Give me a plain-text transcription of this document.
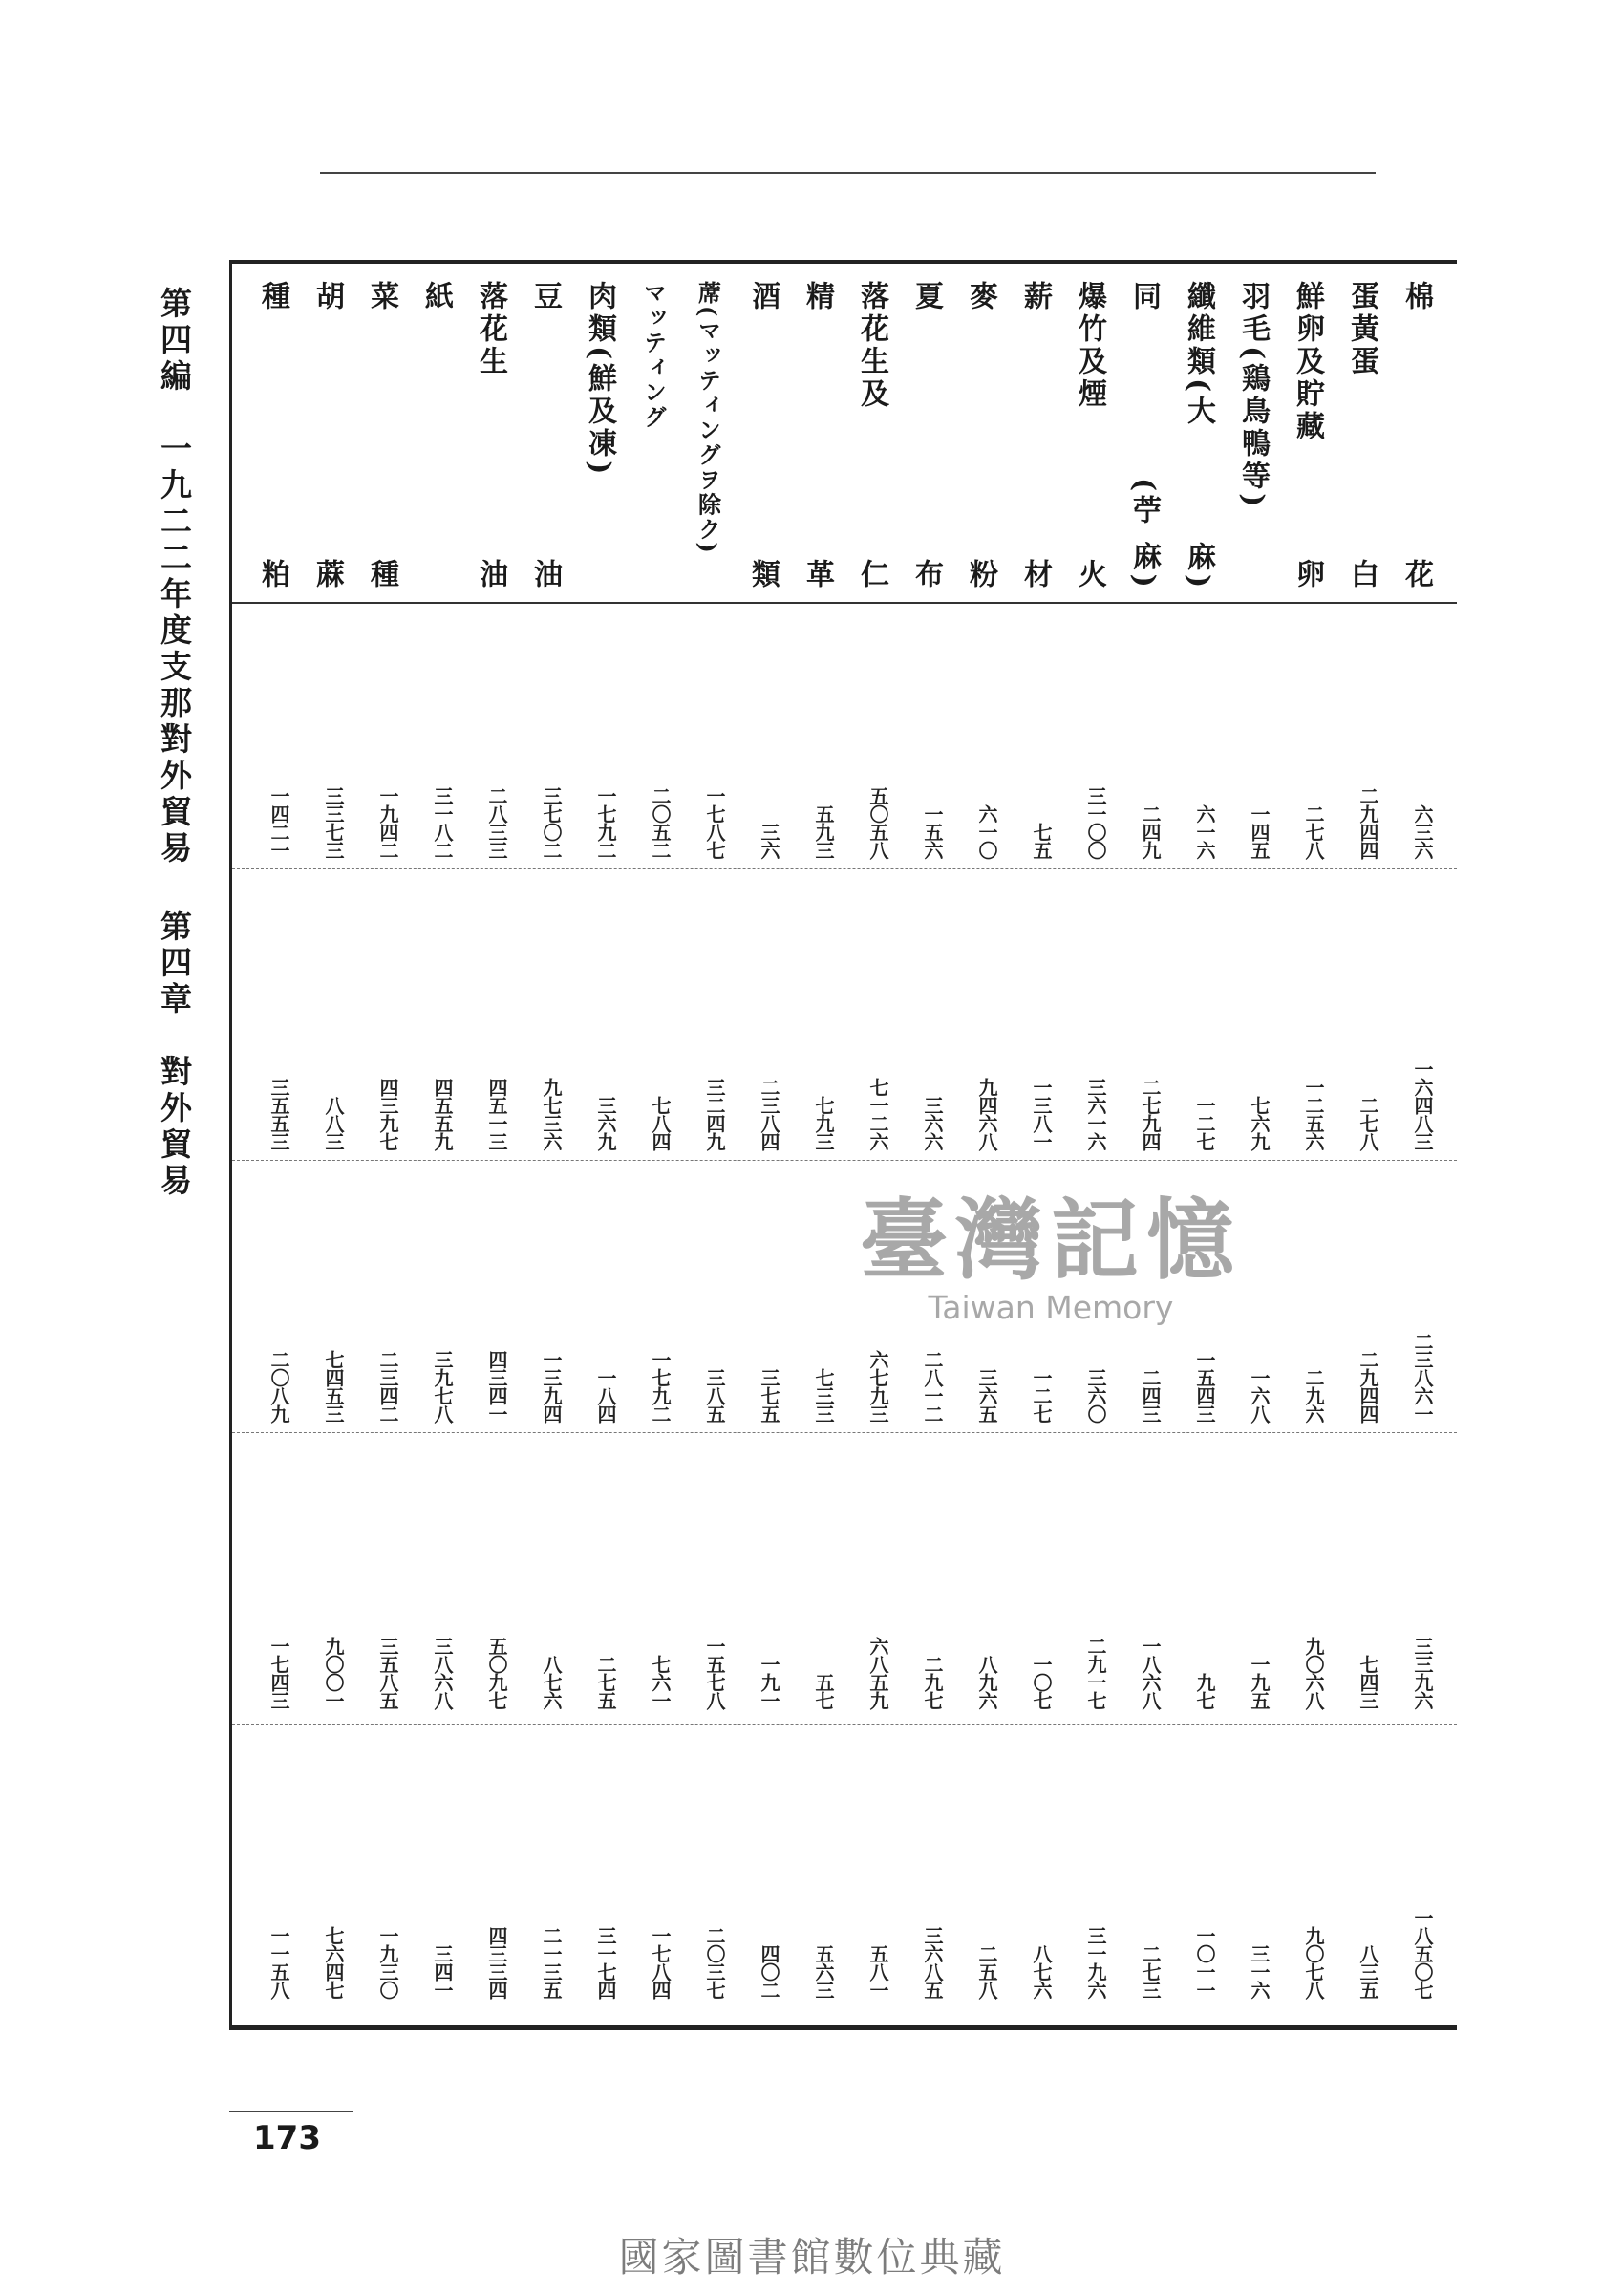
第四編　一九二二年度支那對外貿易第四章　對外貿易
棉
花
六三六
一六四八三
二三八六一
三三九六
一八五〇七
蛋黃蛋
白
二九四四
二七八
二九四四
七四三
八三五
鮮卵及貯藏
卵
二七八
一二五六
二九六
九〇六八
九〇七八
羽毛(鶏鳥鴨等)
一四五
七六九
一六八
一九五
三一六
纖維類(大
麻)
六一六
一二七
一五四三
九七
一〇一一
同
(苧 麻)
二四九
二七九四
二四三
一八六八
二七三
爆竹及煙
火
三一〇〇
三六一六
三六〇
二九一七
三一九六
薪
材
七五
一三八一
一二七
一〇七
八七六
麥
粉
六一〇
九四六八
三六五
八九六
二五八
夏
布
一五六
三六六
二八一二
二九七
三六八五
落花生及
仁
五〇五八
七一二六
六七九三
六八五九
五八一
精
革
五九三
七九三
七三三
五七
五六三
酒
類
三六
二三八四
三七五
一九一
四〇二
蓆(マッティングヲ除ク)
一七八七
三二四九
三八五
一五七八
二〇三七
マッティング
二〇五二
七八四
一七九二
七六一
一七八四
肉類(鮮及凍)
一七九二
三六九
一八四
二七五
三一七四
豆
油
三七〇二
九七三六
一三九四
八七六
二一三五
落花生
油
二八三三
四五一三
四三四一
五〇九七
四三三四
紙
三一八二
四五五九
三九七八
三八六八
三四一
菜
種
一九四二
四三九七
二三四二
三五八五
一九三〇
胡
蔴
三三七三
八八三
七四五三
九〇〇一
七六四七
種
粕
一四二一
三五五三
二〇八九
一七四三
一一五八
臺灣記憶
Taiwan Memory
173
國家圖書館數位典藏
